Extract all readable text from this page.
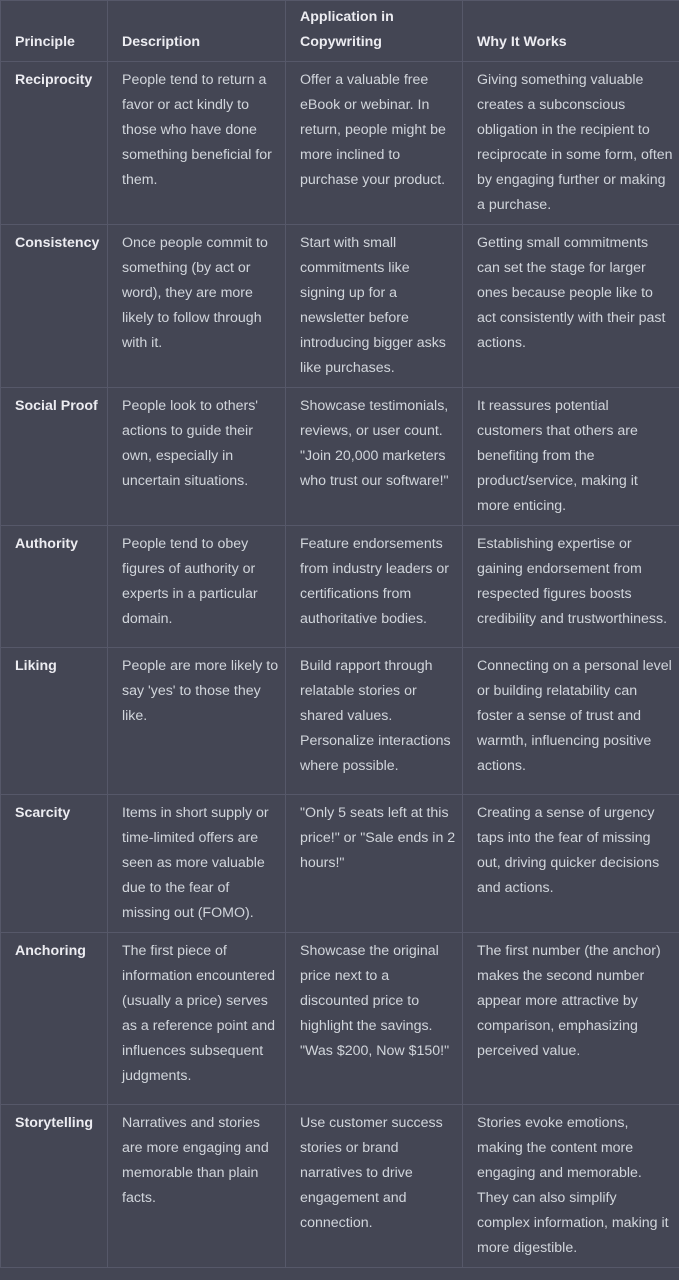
Principle	Description	Application in Copywriting	Why It Works
Reciprocity	People tend to return a favor or act kindly to those who have done something beneficial for them.	Offer a valuable free eBook or webinar. In return, people might be more inclined to purchase your product.	Giving something valuable creates a subconscious obligation in the recipient to reciprocate in some form, often by engaging further or making a purchase.
Consistency	Once people commit to something (by act or word), they are more likely to follow through with it.	Start with small commitments like signing up for a newsletter before introducing bigger asks like purchases.	Getting small commitments can set the stage for larger ones because people like to act consistently with their past actions.
Social Proof	People look to others' actions to guide their own, especially in uncertain situations.	Showcase testimonials, reviews, or user count. "Join 20,000 marketers who trust our software!"	It reassures potential customers that others are benefiting from the product/service, making it more enticing.
Authority	People tend to obey figures of authority or experts in a particular domain.	Feature endorsements from industry leaders or certifications from authoritative bodies.	Establishing expertise or gaining endorsement from respected figures boosts credibility and trustworthiness.
Liking	People are more likely to say 'yes' to those they like.	Build rapport through relatable stories or shared values. Personalize interactions where possible.	Connecting on a personal level or building relatability can foster a sense of trust and warmth, influencing positive actions.
Scarcity	Items in short supply or time-limited offers are seen as more valuable due to the fear of missing out (FOMO).	"Only 5 seats left at this price!" or "Sale ends in 2 hours!"	Creating a sense of urgency taps into the fear of missing out, driving quicker decisions and actions.
Anchoring	The first piece of information encountered (usually a price) serves as a reference point and influences subsequent judgments.	Showcase the original price next to a discounted price to highlight the savings. "Was $200, Now $150!"	The first number (the anchor) makes the second number appear more attractive by comparison, emphasizing perceived value.
Storytelling	Narratives and stories are more engaging and memorable than plain facts.	Use customer success stories or brand narratives to drive engagement and connection.	Stories evoke emotions, making the content more engaging and memorable. They can also simplify complex information, making it more digestible.
